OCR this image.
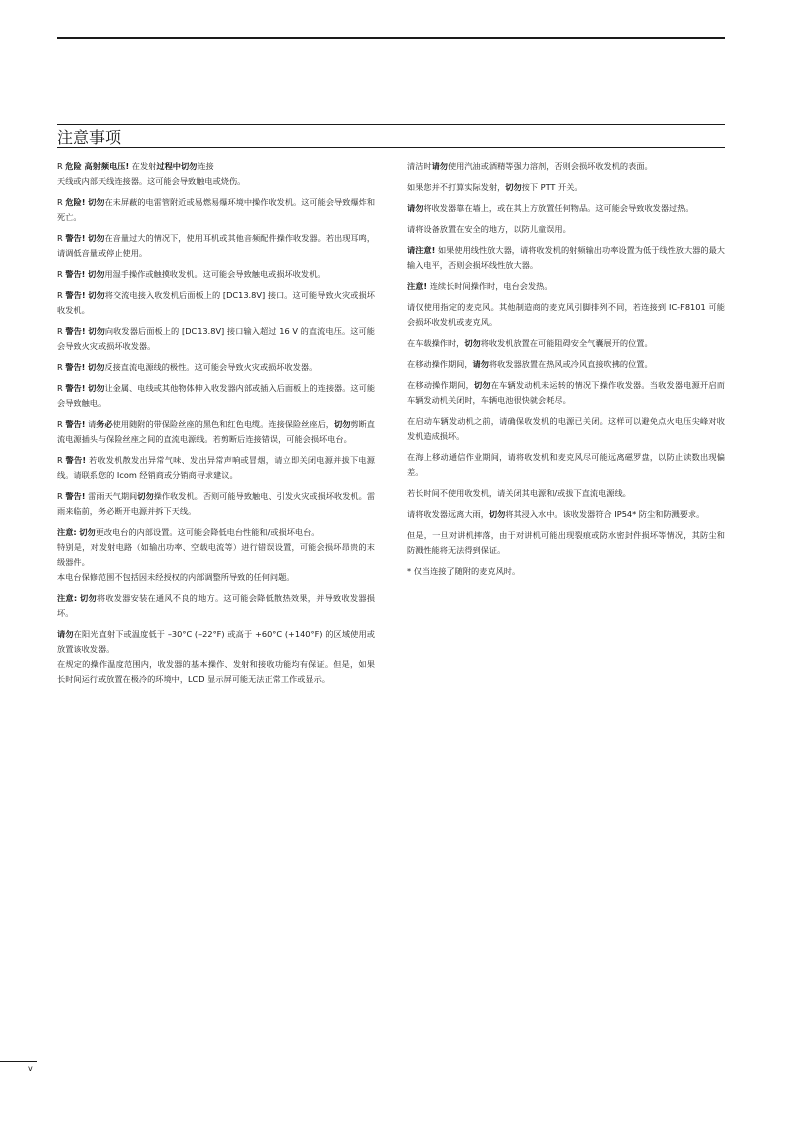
注意事项

R 危险 高射频电压! 在发射过程中切勿连接

天线或内部天线连接器。这可能会导致触电或烧伤。

R 危险! 切勿在未屏蔽的电雷管附近或易燃易爆环境中操作收发机。这可能会导致爆炸和死亡。

R 警告! 切勿在音量过大的情况下，使用耳机或其他音频配件操作收发器。若出现耳鸣，请调低音量或停止使用。

R 警告! 切勿用湿手操作或触摸收发机。这可能会导致触电或损坏收发机。

R 警告! 切勿将交流电接入收发机后面板上的 [DC13.8V] 接口。这可能导致火灾或损坏收发机。

R 警告! 切勿向收发器后面板上的 [DC13.8V] 接口输入超过 16 V 的直流电压。这可能会导致火灾或损坏收发器。

R 警告! 切勿反接直流电源线的极性。这可能会导致火灾或损坏收发器。

R 警告! 切勿让金属、电线或其他物体伸入收发器内部或插入后面板上的连接器。这可能会导致触电。

R 警告! 请务必使用随附的带保险丝座的黑色和红色电缆。连接保险丝座后，切勿剪断直流电源插头与保险丝座之间的直流电源线。若剪断后连接错误，可能会损坏电台。

R 警告! 若收发机散发出异常气味、发出异常声响或冒烟，请立即关闭电源并拔下电源线。请联系您的 Icom 经销商或分销商寻求建议。

R 警告! 雷雨天气期间切勿操作收发机。否则可能导致触电、引发火灾或损坏收发机。雷雨来临前，务必断开电源并拆下天线。

注意: 切勿更改电台的内部设置。这可能会降低电台性能和/或损坏电台。

特别是，对发射电路（如输出功率、空载电流等）进行错误设置，可能会损坏昂贵的末级器件。

本电台保修范围不包括因未经授权的内部调整所导致的任何问题。

注意: 切勿将收发器安装在通风不良的地方。这可能会降低散热效果，并导致收发器损坏。

请勿在阳光直射下或温度低于 –30°C (–22°F) 或高于 +60°C (+140°F) 的区域使用或放置该收发器。

在规定的操作温度范围内，收发器的基本操作、发射和接收功能均有保证。但是，如果长时间运行或放置在极冷的环境中，LCD 显示屏可能无法正常工作或显示。

清洁时请勿使用汽油或酒精等强力溶剂，否则会损坏收发机的表面。

如果您并不打算实际发射，切勿按下 PTT 开关。

请勿将收发器靠在墙上，或在其上方放置任何物品。这可能会导致收发器过热。

请将设备放置在安全的地方，以防儿童误用。

请注意! 如果使用线性放大器，请将收发机的射频输出功率设置为低于线性放大器的最大输入电平，否则会损坏线性放大器。

注意! 连续长时间操作时，电台会发热。

请仅使用指定的麦克风。其他制造商的麦克风引脚排列不同，若连接到 IC-F8101 可能会损坏收发机或麦克风。

在车载操作时，切勿将收发机放置在可能阻碍安全气囊展开的位置。

在移动操作期间，请勿将收发器放置在热风或冷风直接吹拂的位置。

在移动操作期间，切勿在车辆发动机未运转的情况下操作收发器。当收发器电源开启而车辆发动机关闭时，车辆电池很快就会耗尽。

在启动车辆发动机之前，请确保收发机的电源已关闭。这样可以避免点火电压尖峰对收发机造成损坏。

在海上移动通信作业期间，请将收发机和麦克风尽可能远离磁罗盘，以防止读数出现偏差。

若长时间不使用收发机，请关闭其电源和/或拔下直流电源线。

请将收发器远离大雨，切勿将其浸入水中。该收发器符合 IP54* 防尘和防溅要求。

但是，一旦对讲机摔落，由于对讲机可能出现裂痕或防水密封件损坏等情况，其防尘和防溅性能将无法得到保证。

* 仅当连接了随附的麦克风时。

v
